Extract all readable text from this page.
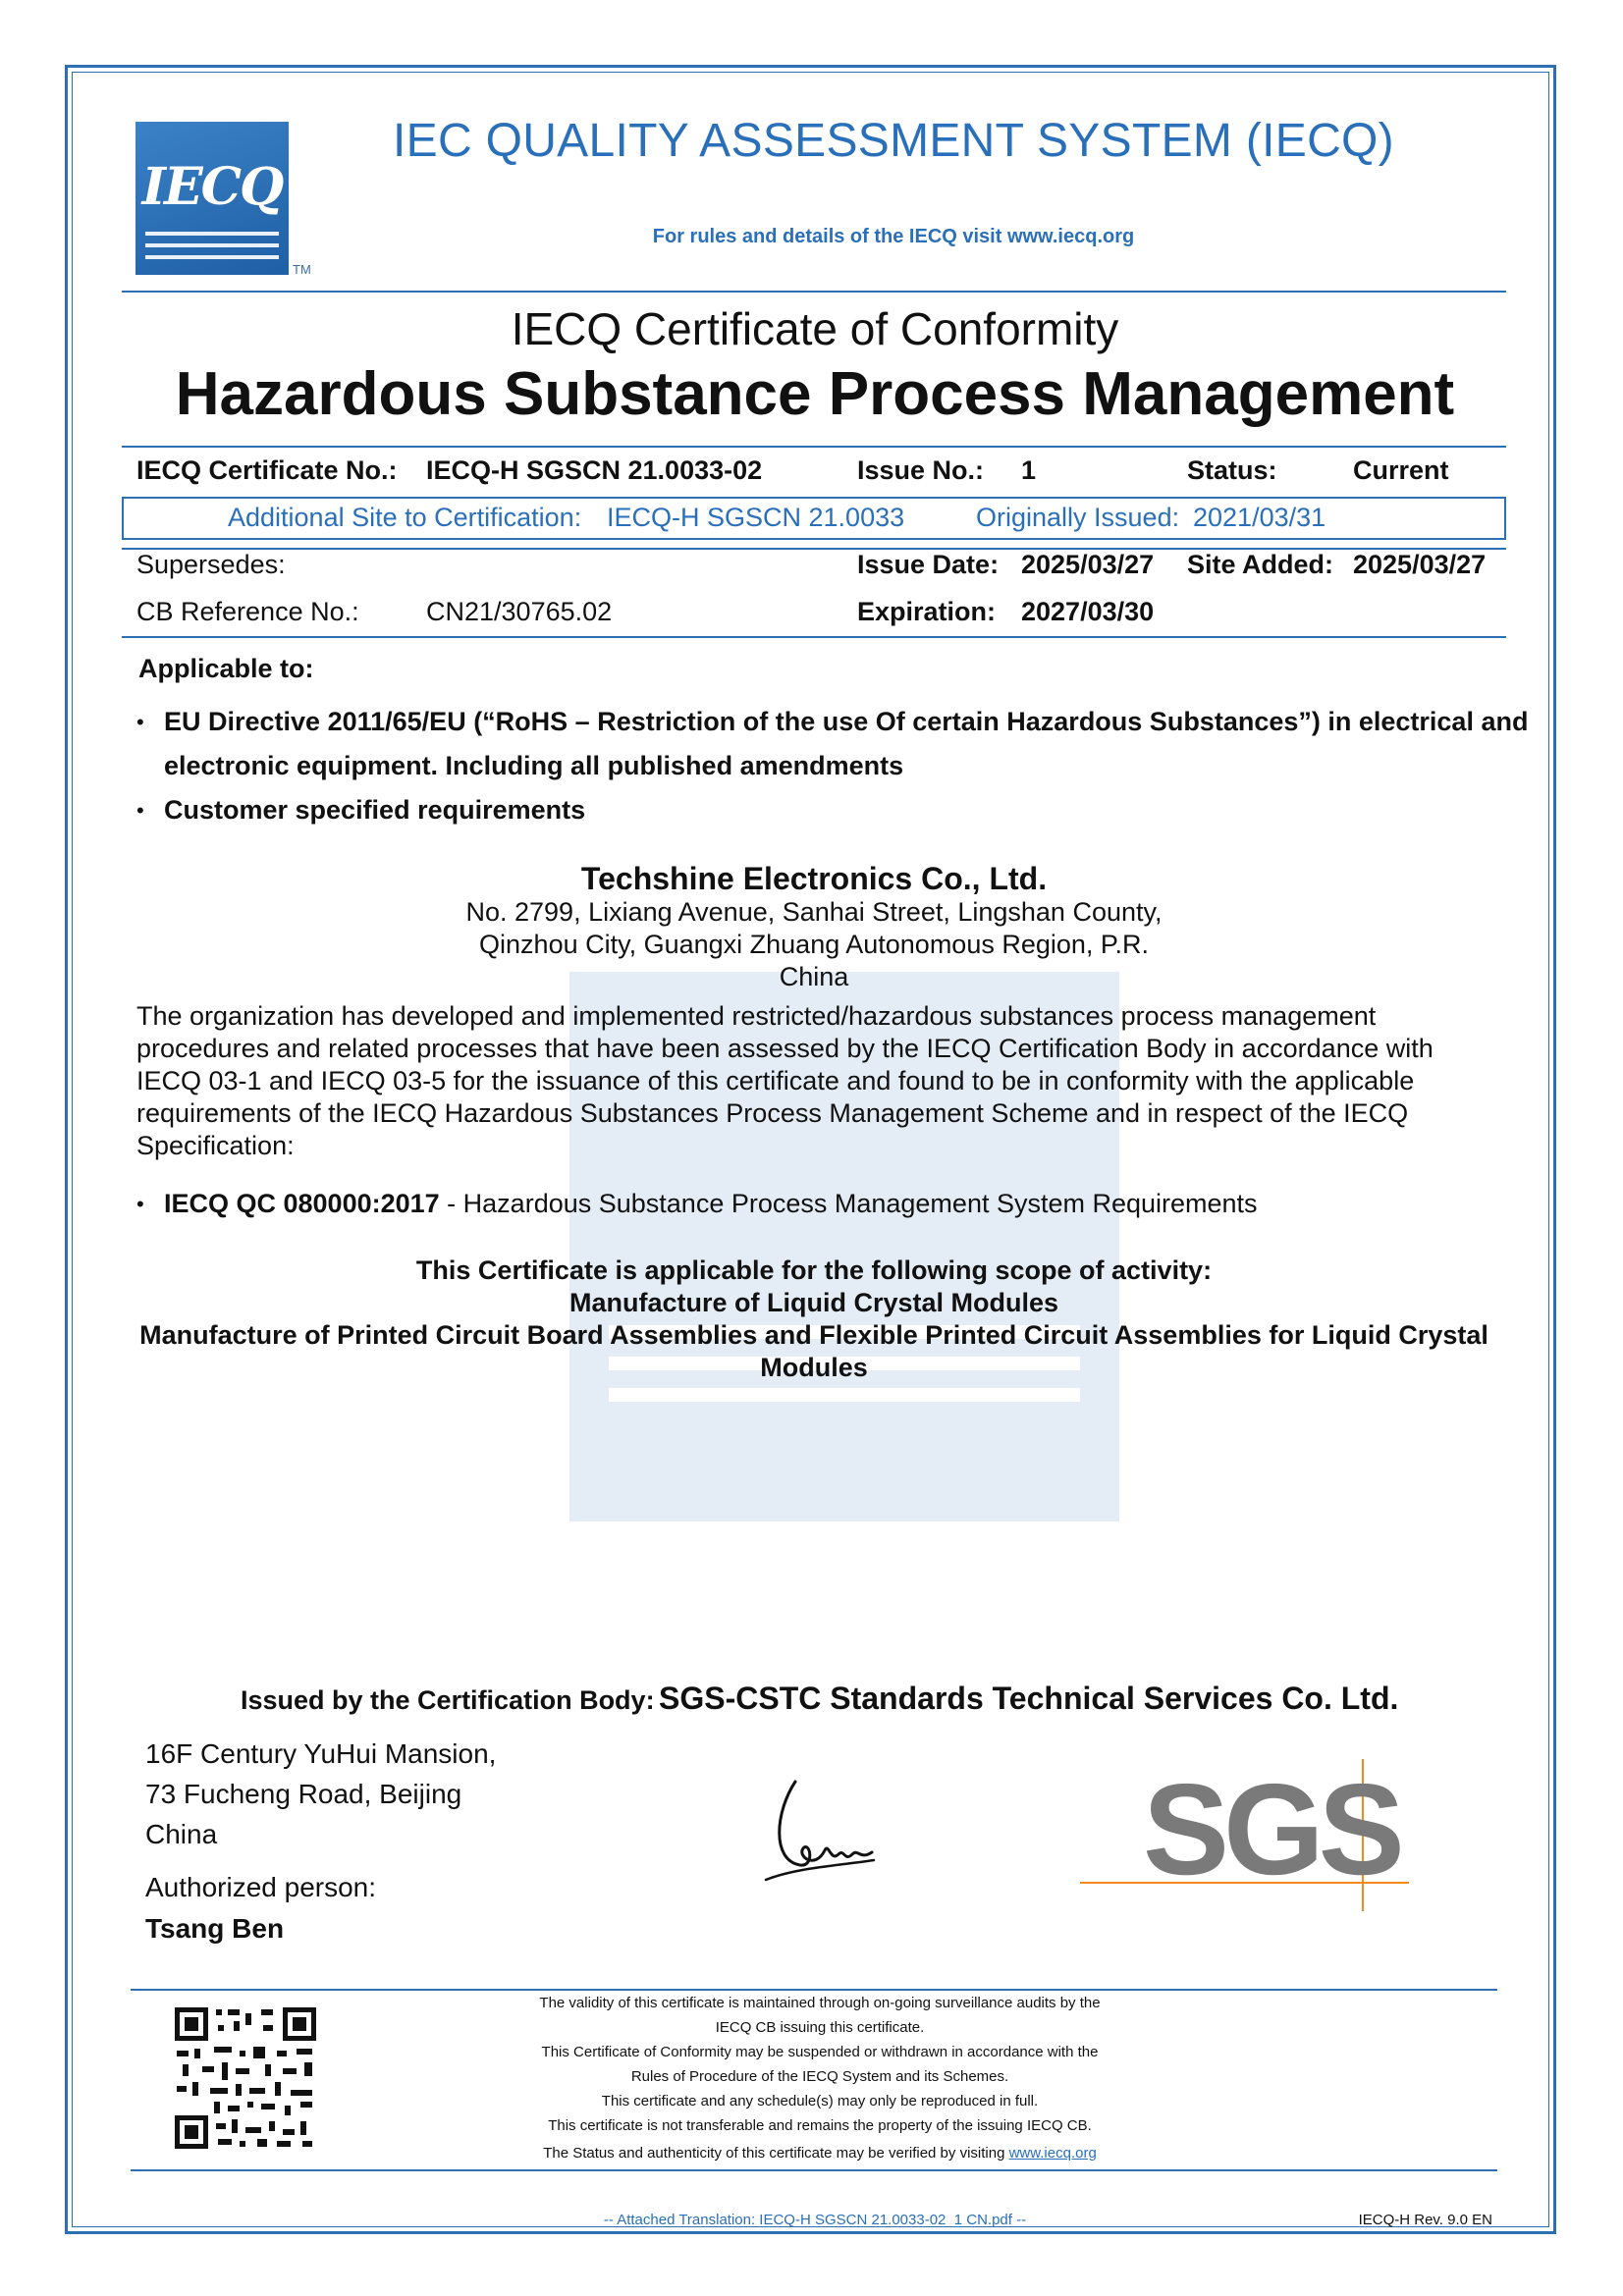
IECQ
TM
IEC QUALITY ASSESSMENT SYSTEM (IECQ)
For rules and details of the IECQ visit www.iecq.org
IECQ Certificate of Conformity
Hazardous Substance Process Management
IECQ Certificate No.: IECQ-H SGSCN 21.0033-02	Issue No.: 1	Status:	Current
Additional Site to Certification: IECQ-H SGSCN 21.0033	Originally Issued: 2021/03/31
Supersedes:	Issue Date: 2025/03/27 Site Added: 2025/03/27
CB Reference No.:	CN21/30765.02	Expiration: 2027/03/30
Applicable to:
• EU Directive 2011/65/EU (“RoHS – Restriction of the use Of certain Hazardous Substances”) in electrical and
electronic equipment. Including all published amendments
• Customer specified requirements
Techshine Electronics Co., Ltd.
No. 2799, Lixiang Avenue, Sanhai Street, Lingshan County,
Qinzhou City, Guangxi Zhuang Autonomous Region, P.R.
China
The organization has developed and implemented restricted/hazardous substances process management
procedures and related processes that have been assessed by the IECQ Certification Body in accordance with
IECQ 03-1 and IECQ 03-5 for the issuance of this certificate and found to be in conformity with the applicable
requirements of the IECQ Hazardous Substances Process Management Scheme and in respect of the IECQ
Specification:
• IECQ QC 080000:2017 - Hazardous Substance Process Management System Requirements
This Certificate is applicable for the following scope of activity:
Manufacture of Liquid Crystal Modules
Manufacture of Printed Circuit Board Assemblies and Flexible Printed Circuit Assemblies for Liquid Crystal
Modules
Issued by the Certification Body: SGS-CSTC Standards Technical Services Co. Ltd.
16F Century YuHui Mansion,
73 Fucheng Road, Beijing
China
Authorized person:
Tsang Ben
SGS
The validity of this certificate is maintained through on-going surveillance audits by the
IECQ CB issuing this certificate.
This Certificate of Conformity may be suspended or withdrawn in accordance with the
Rules of Procedure of the IECQ System and its Schemes.
This certificate and any schedule(s) may only be reproduced in full.
This certificate is not transferable and remains the property of the issuing IECQ CB.
The Status and authenticity of this certificate may be verified by visiting www.iecq.org
-- Attached Translation: IECQ-H SGSCN 21.0033-02_1 CN.pdf --	IECQ-H Rev. 9.0 EN
